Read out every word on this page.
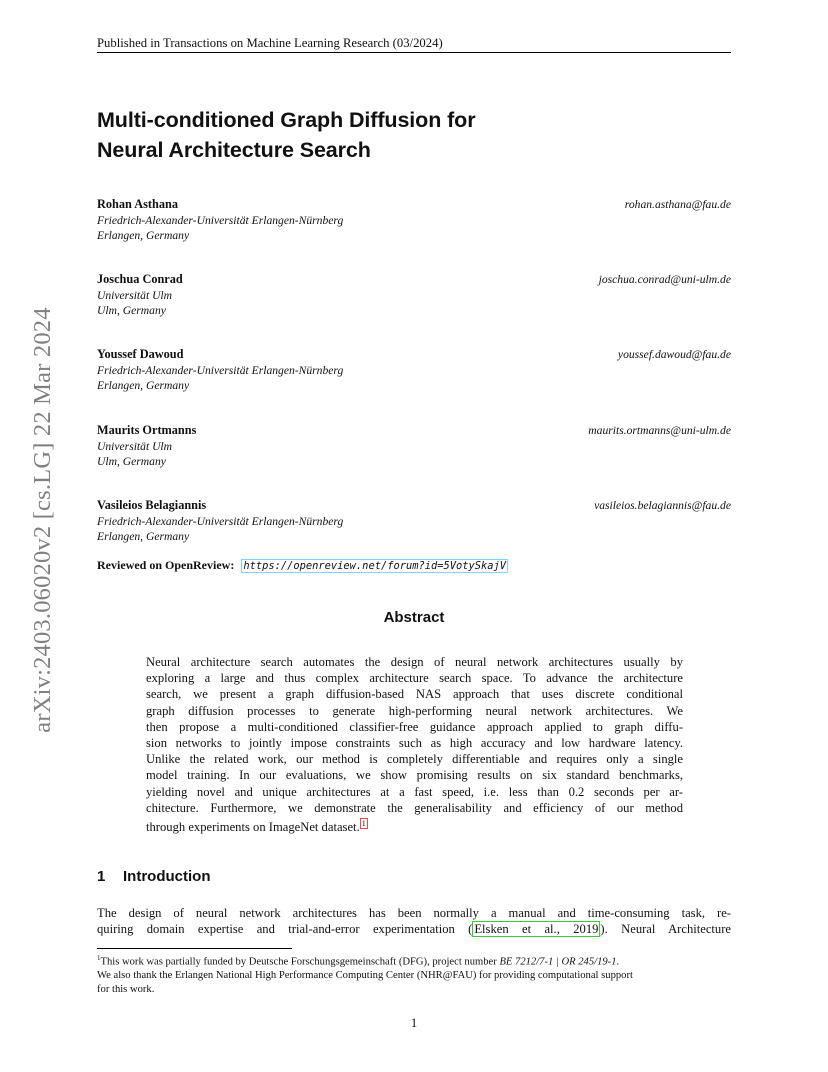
arXiv:2403.06020v2 [cs.LG] 22 Mar 2024
Published in Transactions on Machine Learning Research (03/2024)
Multi-conditioned Graph Diffusion for
Neural Architecture Search
Rohan Asthana
Friedrich-Alexander-Universität Erlangen-Nürnberg
Erlangen, Germany
rohan.asthana@fau.de
Joschua Conrad
Universität Ulm
Ulm, Germany
joschua.conrad@uni-ulm.de
Youssef Dawoud
Friedrich-Alexander-Universität Erlangen-Nürnberg
Erlangen, Germany
youssef.dawoud@fau.de
Maurits Ortmanns
Universität Ulm
Ulm, Germany
maurits.ortmanns@uni-ulm.de
Vasileios Belagiannis
Friedrich-Alexander-Universität Erlangen-Nürnberg
Erlangen, Germany
vasileios.belagiannis@fau.de
Reviewed on OpenReview: https://openreview.net/forum?id=5VotySkajV
Abstract
Neural architecture search automates the design of neural network architectures usually by
exploring a large and thus complex architecture search space. To advance the architecture
search, we present a graph diffusion-based NAS approach that uses discrete conditional
graph diffusion processes to generate high-performing neural network architectures. We
then propose a multi-conditioned classifier-free guidance approach applied to graph diffu-
sion networks to jointly impose constraints such as high accuracy and low hardware latency.
Unlike the related work, our method is completely differentiable and requires only a single
model training. In our evaluations, we show promising results on six standard benchmarks,
yielding novel and unique architectures at a fast speed, i.e. less than 0.2 seconds per ar-
chitecture. Furthermore, we demonstrate the generalisability and efficiency of our method
through experiments on ImageNet dataset. $^1$
1 Introduction
The design of neural network architectures has been normally a manual and time-consuming task, re-
quiring domain expertise and trial-and-error experimentation ( Elsken et al., 2019 ). Neural Architecture
$^1$This work was partially funded by Deutsche Forschungsgemeinschaft (DFG), project number BE 7212/7-1 | OR 245/19-1.
We also thank the Erlangen National High Performance Computing Center (NHR@FAU) for providing computational support
for this work.
1
